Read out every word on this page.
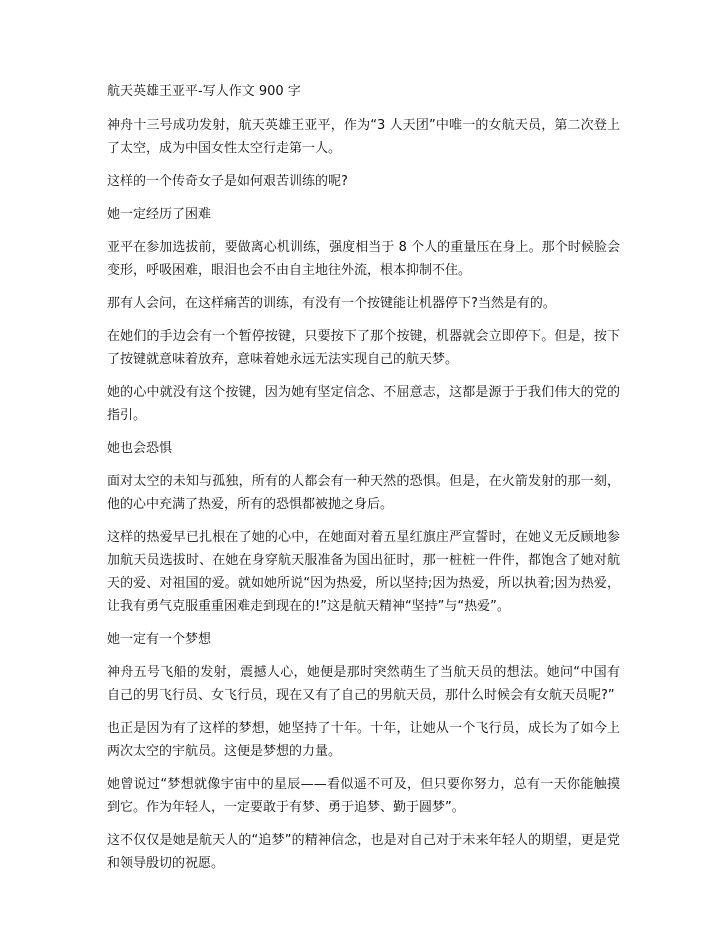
航天英雄王亚平-写人作文 900 字

神舟十三号成功发射，航天英雄王亚平，作为“3 人天团”中唯一的女航天员，第二次登上了太空，成为中国女性太空行走第一人。

这样的一个传奇女子是如何艰苦训练的呢?

她一定经历了困难

亚平在参加选拔前，要做离心机训练，强度相当于 8 个人的重量压在身上。那个时候脸会变形，呼吸困难，眼泪也会不由自主地往外流，根本抑制不住。

那有人会问，在这样痛苦的训练，有没有一个按键能让机器停下?当然是有的。

在她们的手边会有一个暂停按键，只要按下了那个按键，机器就会立即停下。但是，按下了按键就意味着放弃，意味着她永远无法实现自己的航天梦。

她的心中就没有这个按键，因为她有坚定信念、不屈意志，这都是源于于我们伟大的党的指引。

她也会恐惧

面对太空的未知与孤独，所有的人都会有一种天然的恐惧。但是，在火箭发射的那一刻，他的心中充满了热爱，所有的恐惧都被抛之身后。

这样的热爱早已扎根在了她的心中，在她面对着五星红旗庄严宣誓时，在她义无反顾地参加航天员选拔时、在她在身穿航天服准备为国出征时，那一桩桩一件件，都饱含了她对航天的爱、对祖国的爱。就如她所说“因为热爱，所以坚持;因为热爱，所以执着;因为热爱，让我有勇气克服重重困难走到现在的!”这是航天精神“坚持”与“热爱”。

她一定有一个梦想

神舟五号飞船的发射，震撼人心，她便是那时突然萌生了当航天员的想法。她问“中国有自己的男飞行员、女飞行员，现在又有了自己的男航天员，那什么时候会有女航天员呢?”

也正是因为有了这样的梦想，她坚持了十年。十年，让她从一个飞行员，成长为了如今上两次太空的宇航员。这便是梦想的力量。

她曾说过“梦想就像宇宙中的星辰——看似遥不可及，但只要你努力，总有一天你能触摸到它。作为年轻人，一定要敢于有梦、勇于追梦、勤于圆梦”。

这不仅仅是她是航天人的“追梦”的精神信念，也是对自己对于未来年轻人的期望，更是党和领导殷切的祝愿。
